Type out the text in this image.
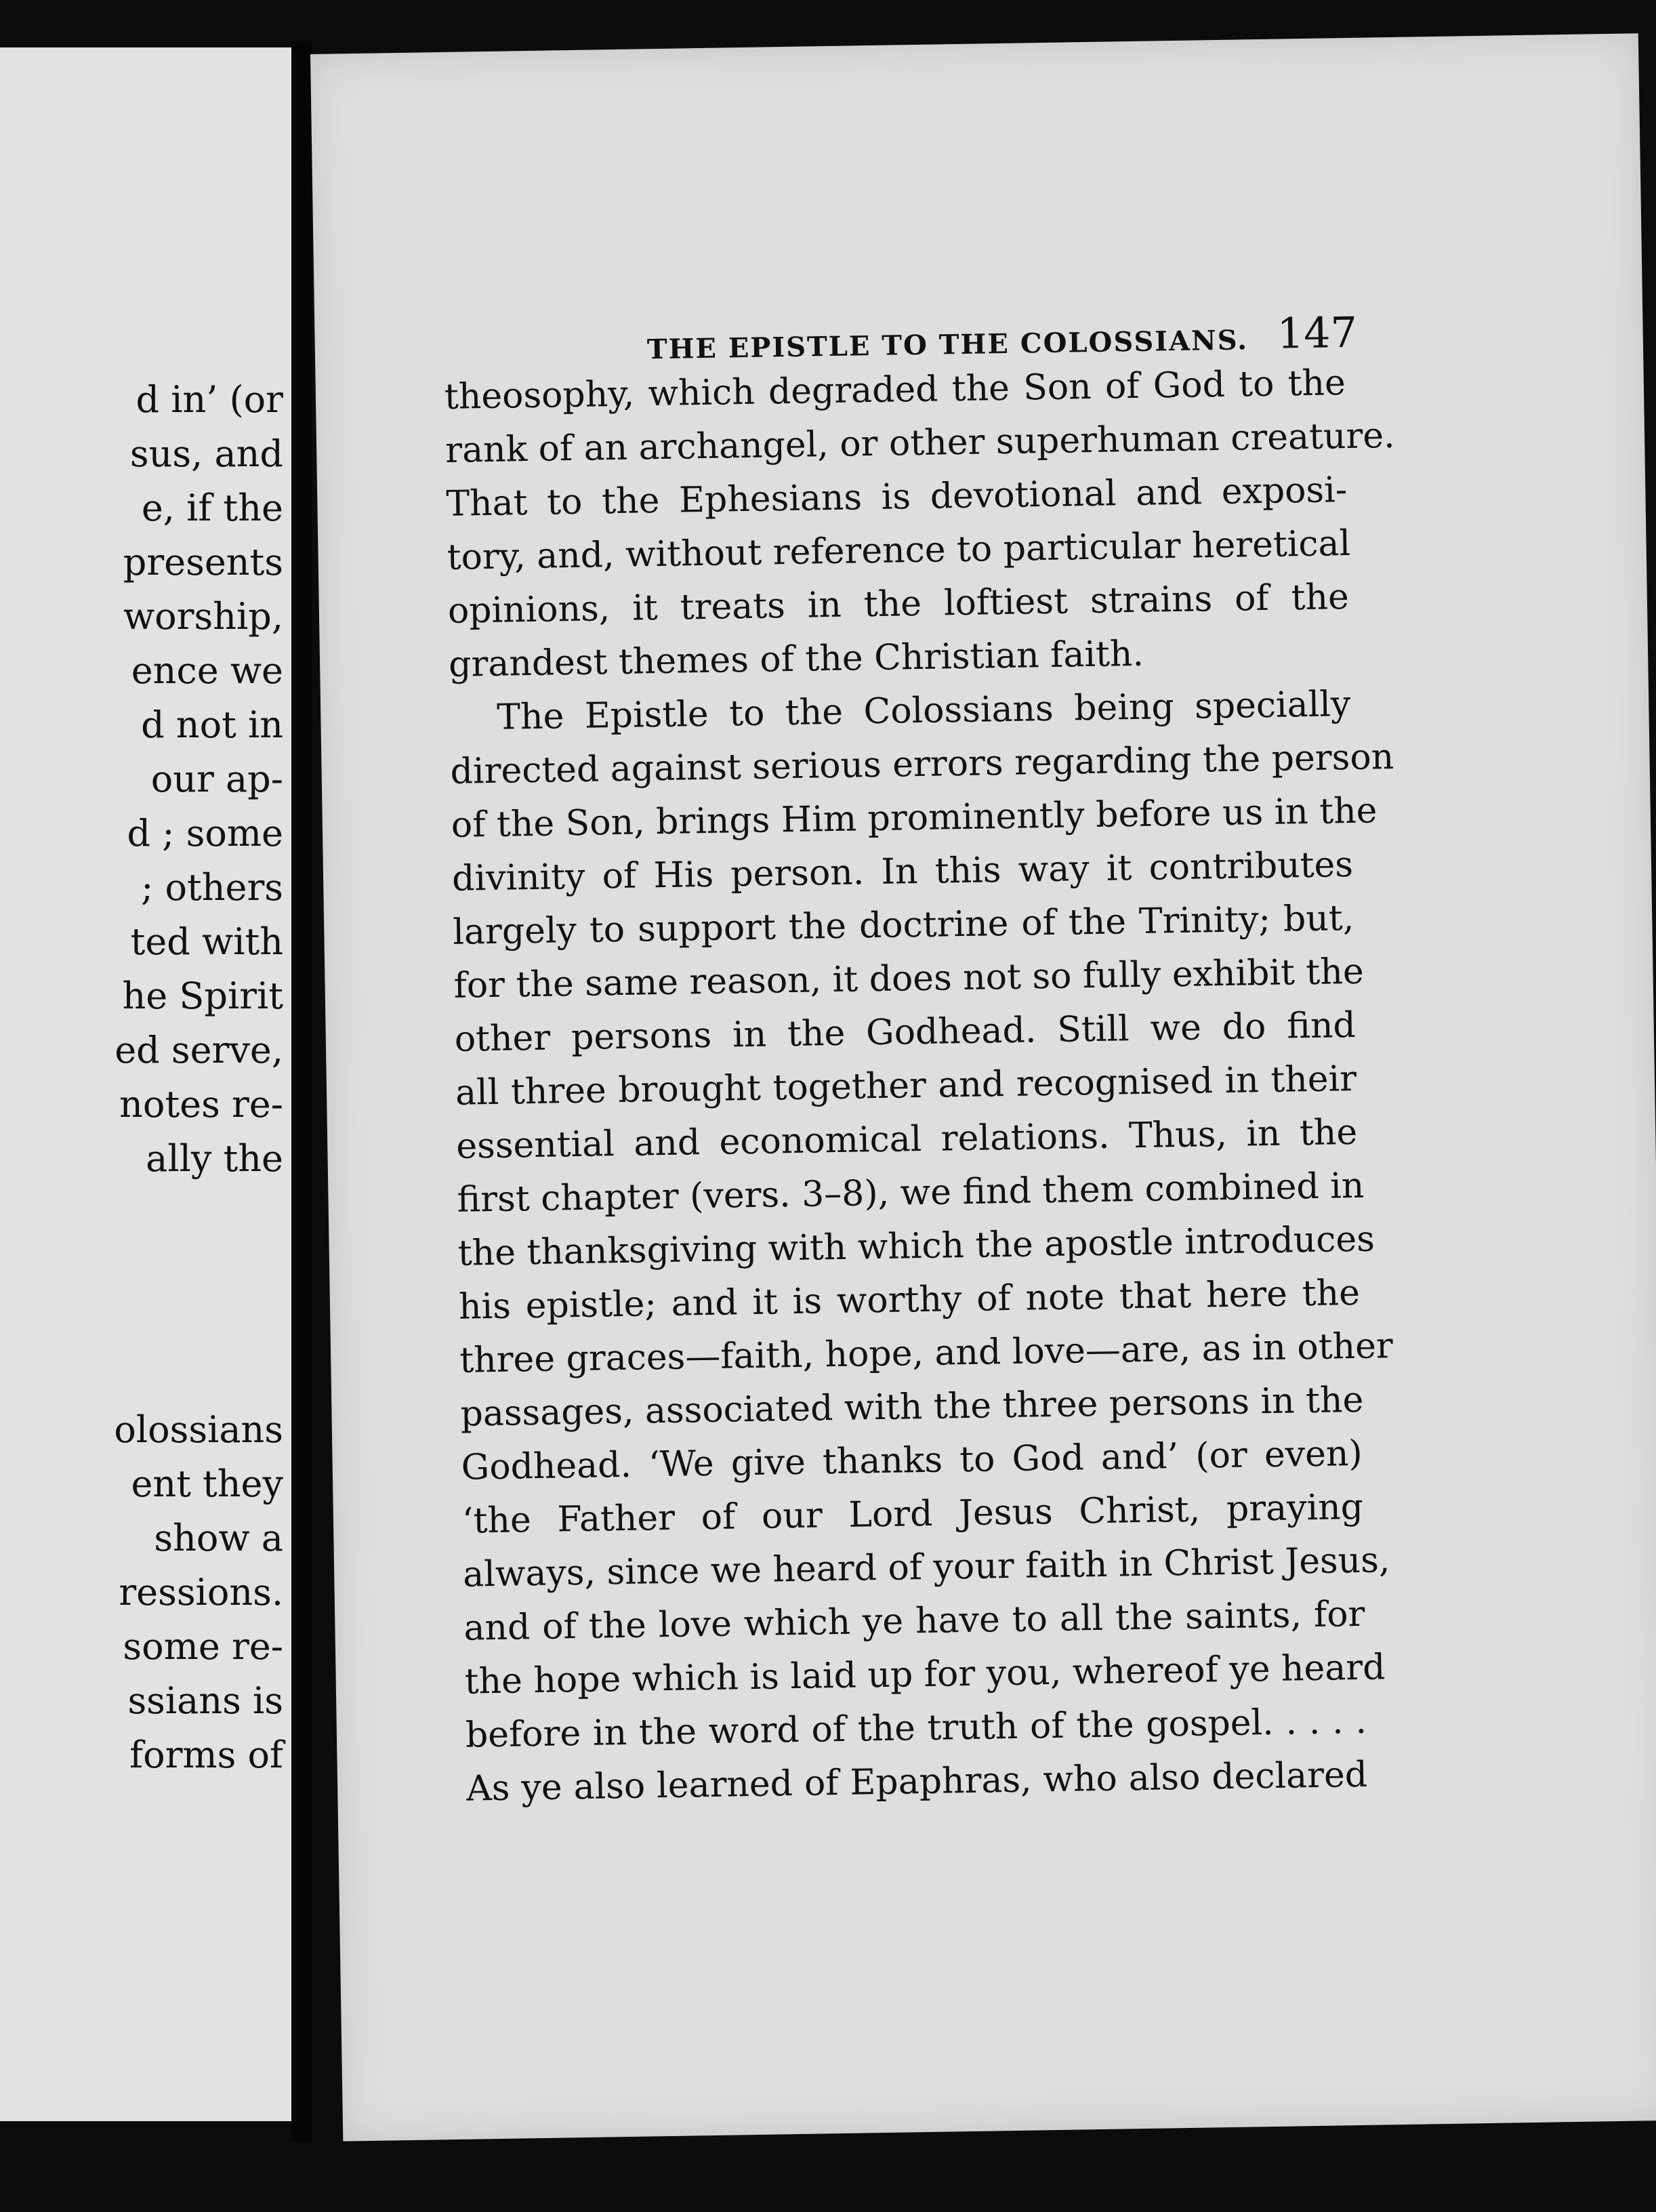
d in’ (or
sus, and
e, if the
presents
worship,
ence we
d not in
our ap-
d ; some
; others
ted with
he Spirit
ed serve,
notes re-
ally the
olossians
ent they
show a
ressions.
some re-
ssians is
forms of
THE EPISTLE TO THE COLOSSIANS. 147
theosophy, which degraded the Son of God to the
rank of an archangel, or other superhuman creature.
That to the Ephesians is devotional and exposi-
tory, and, without reference to particular heretical
opinions, it treats in the loftiest strains of the
grandest themes of the Christian faith.
The Epistle to the Colossians being specially
directed against serious errors regarding the person
of the Son, brings Him prominently before us in the
divinity of His person. In this way it contributes
largely to support the doctrine of the Trinity; but,
for the same reason, it does not so fully exhibit the
other persons in the Godhead. Still we do find
all three brought together and recognised in their
essential and economical relations. Thus, in the
first chapter (vers. 3–8), we find them combined in
the thanksgiving with which the apostle introduces
his epistle; and it is worthy of note that here the
three graces—faith, hope, and love—are, as in other
passages, associated with the three persons in the
Godhead. ‘We give thanks to God and’ (or even)
‘the Father of our Lord Jesus Christ, praying
always, since we heard of your faith in Christ Jesus,
and of the love which ye have to all the saints, for
the hope which is laid up for you, whereof ye heard
before in the word of the truth of the gospel. . . . .
As ye also learned of Epaphras, who also declared
